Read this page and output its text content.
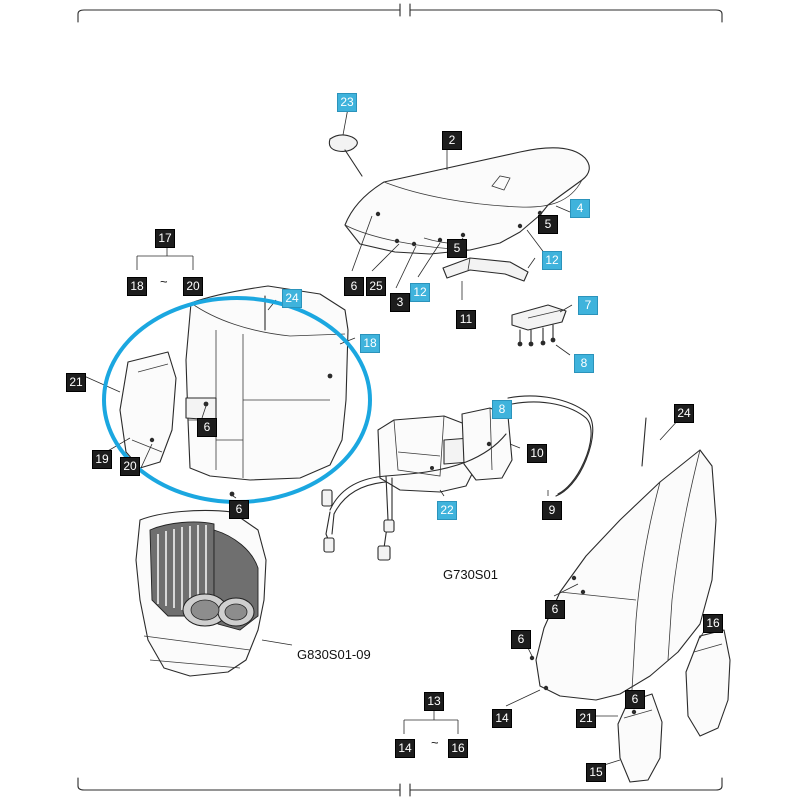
23
2
4
5
17
5
12
18	20	6 25	12
3
24	7
11
18
8
21
8	24
6
10
19 20
22	9
6
6
16
6
6
13
14	21
14	16
15
~
~
G730S01
G830S01-09
